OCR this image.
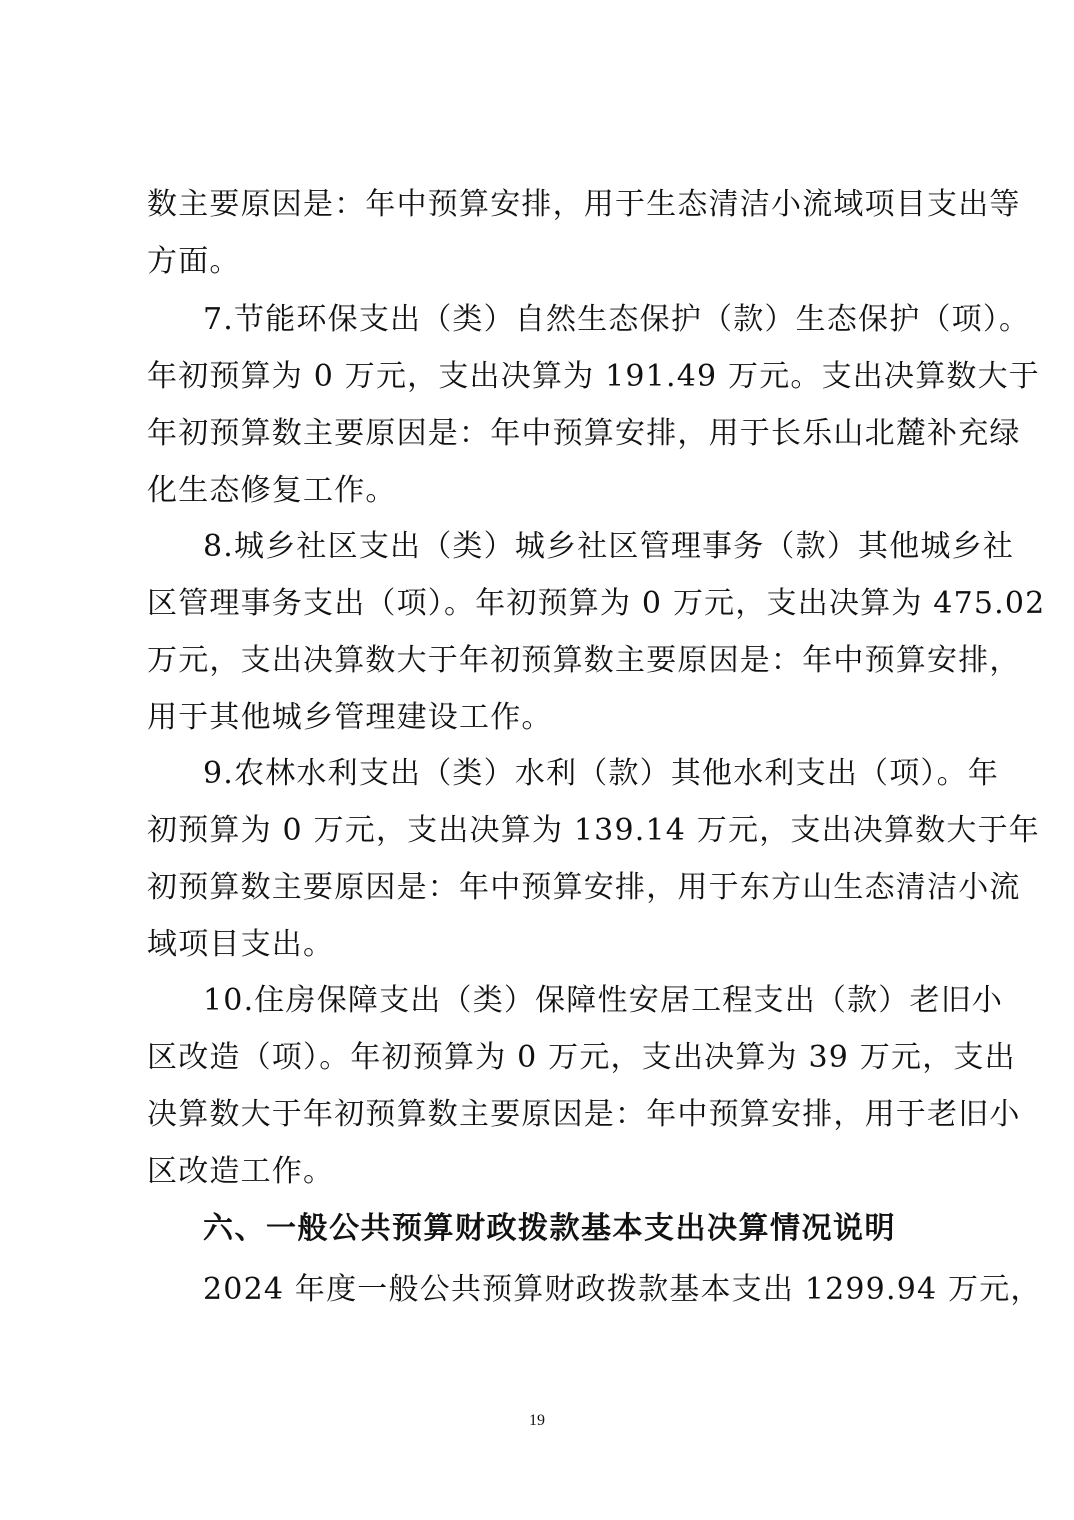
数主要原因是：年中预算安排，用于生态清洁小流域项目支出等
方面。
7.节能环保支出（类）自然生态保护（款）生态保护（项）。
年初预算为 0 万元，支出决算为 191.49 万元。支出决算数大于
年初预算数主要原因是：年中预算安排，用于长乐山北麓补充绿
化生态修复工作。
8.城乡社区支出（类）城乡社区管理事务（款）其他城乡社
区管理事务支出（项）。年初预算为 0 万元，支出决算为 475.02
万元，支出决算数大于年初预算数主要原因是：年中预算安排，
用于其他城乡管理建设工作。
9.农林水利支出（类）水利（款）其他水利支出（项）。年
初预算为 0 万元，支出决算为 139.14 万元，支出决算数大于年
初预算数主要原因是：年中预算安排，用于东方山生态清洁小流
域项目支出。
10.住房保障支出（类）保障性安居工程支出（款）老旧小
区改造（项）。年初预算为 0 万元，支出决算为 39 万元，支出
决算数大于年初预算数主要原因是：年中预算安排，用于老旧小
区改造工作。
六、一般公共预算财政拨款基本支出决算情况说明
2024 年度一般公共预算财政拨款基本支出 1299.94 万元，
19
